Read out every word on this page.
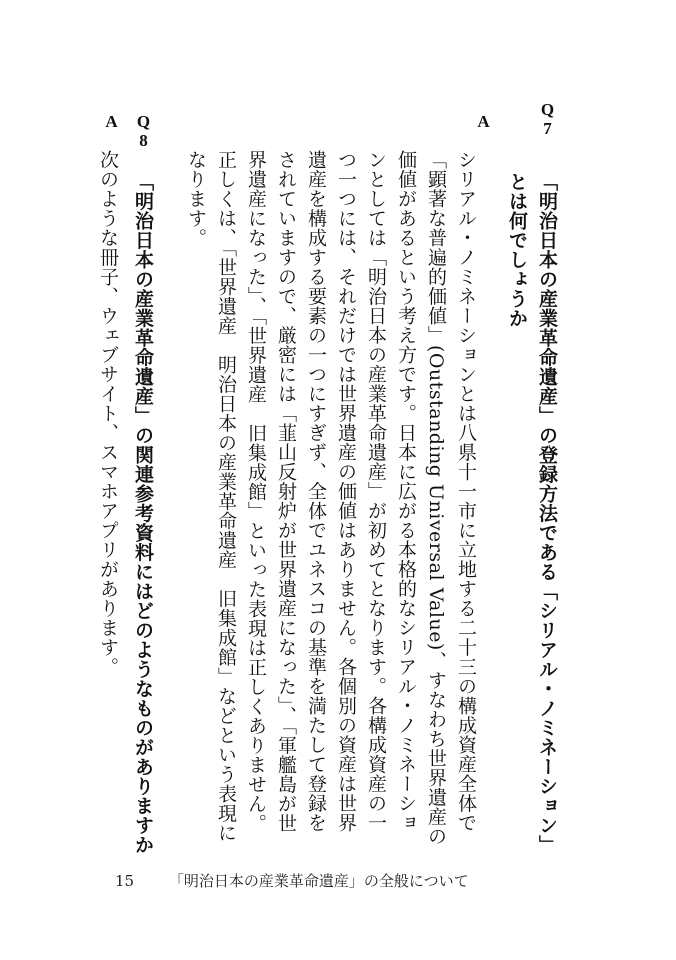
Q7
「明治日本の産業革命遺産」の登録方法である「シリアル・ノミネーション」とは何でしょうか
A
シリアル・ノミネーションとは八県十一市に立地する二十三の構成資産全体で「顕著な普遍的価値」(Outstanding Universal Value)、すなわち世界遺産の価値があるという考え方です。日本に広がる本格的なシリアル・ノミネーションとしては「明治日本の産業革命遺産」が初めてとなります。各構成資産の一つ一つには、それだけでは世界遺産の価値はありません。各個別の資産は世界遺産を構成する要素の一つにすぎず、全体でユネスコの基準を満たして登録をされていますので、厳密には「韮山反射炉が世界遺産になった」、「軍艦島が世界遺産になった」、「世界遺産　旧集成館」といった表現は正しくありません。正しくは、「世界遺産　明治日本の産業革命遺産　旧集成館」などという表現になります。
Q8
「明治日本の産業革命遺産」の関連参考資料にはどのようなものがありますか
A
次のような冊子、ウェブサイト、スマホアプリがあります。
15 「明治日本の産業革命遺産」の全般について
